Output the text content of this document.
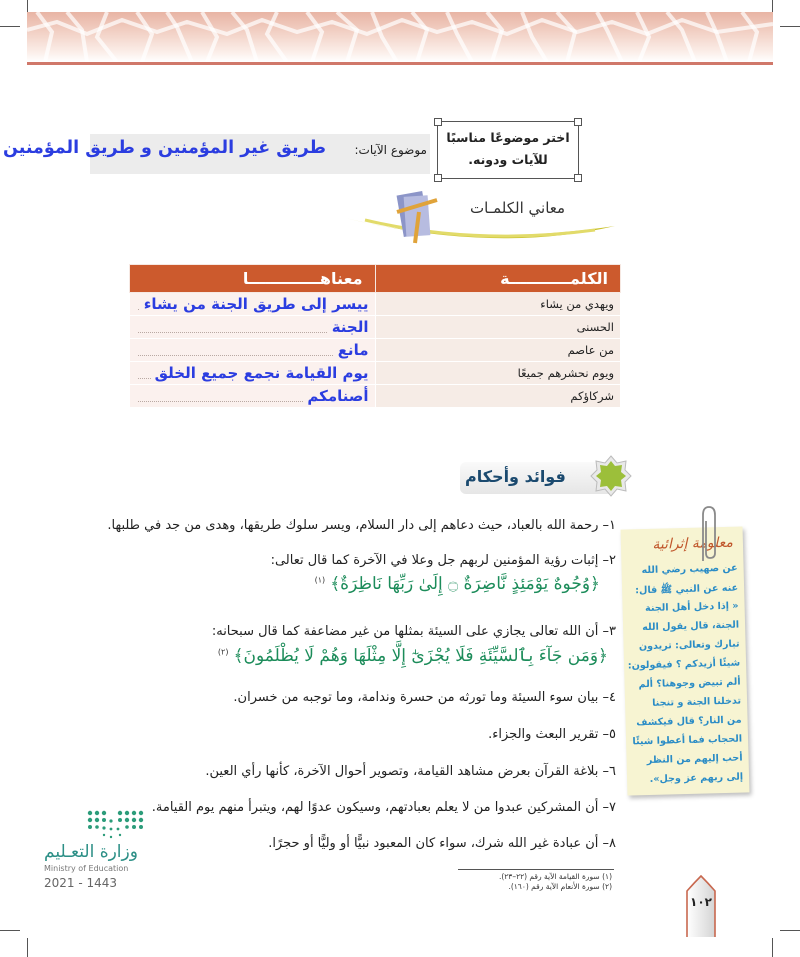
اختر موضوعًا مناسبًا
للآيات ودونه.
موضوع الآيات:
طريق غير المؤمنين و طريق المؤمنين
معاني الكلمـات
الكلمـــــــــــة	معناهـــــــــــــا
ويهدي من يشاء	ييسر إلى طريق الجنة من يشاء
الحسنى	الجنة
من عاصم	مانع
ويوم نحشرهم جميعًا	يوم القيامة نجمع جميع الخلق
شركاؤكم	أصنامكم
فوائد وأحكام
١– رحمة الله بالعباد، حيث دعاهم إلى دار السلام، ويسر سلوك طريقها، وهدى من جد في طلبها.
٢– إثبات رؤية المؤمنين لربهم جل وعلا في الآخرة كما قال تعالى:
﴿وُجُوهٌ يَوْمَئِذٍ نَّاضِرَةٌ ۝ إِلَىٰ رَبِّهَا نَاظِرَةٌ﴾ $^{(١)}$
٣– أن الله تعالى يجازي على السيئة بمثلها من غير مضاعفة كما قال سبحانه:
﴿وَمَن جَآءَ بِٱلسَّيِّئَةِ فَلَا يُجْزَىٰٓ إِلَّا مِثْلَهَا وَهُمْ لَا يُظْلَمُونَ﴾ $^{(٢)}$
٤– بيان سوء السيئة وما تورثه من حسرة وندامة، وما توجبه من خسران.
٥– تقرير البعث والجزاء.
٦– بلاغة القرآن بعرض مشاهد القيامة، وتصوير أحوال الآخرة، كأنها رأي العين.
٧– أن المشركين عبدوا من لا يعلم بعبادتهم، وسيكون عدوًا لهم، ويتبرأ منهم يوم القيامة.
٨– أن عبادة غير الله شرك، سواء كان المعبود نبيًّا أو وليًّا أو حجرًا.
معلومة إثرائية
عن صهيب رضي الله
عنه عن النبي ﷺ قال:
« إذا دخل أهل الجنة
الجنة، قال يقول الله
تبارك وتعالى: تريدون
شيئًا أزيدكم ؟ فيقولون:
ألم تبيض وجوهنا؟ ألم
تدخلنا الجنة و تنجنا
من النار؟ قال فيكشف
الحجاب فما أعطوا شيئًا
أحب إليهم من النظر
إلى ربهم عز وجل».
وزارة التعـليم
Ministry of Education
2021 - 1443	(١) سورة القيامة الآية رقم (٢٢–٢٣).
(٢) سورة الأنعام الآية رقم (١٦٠).
١٠٢
